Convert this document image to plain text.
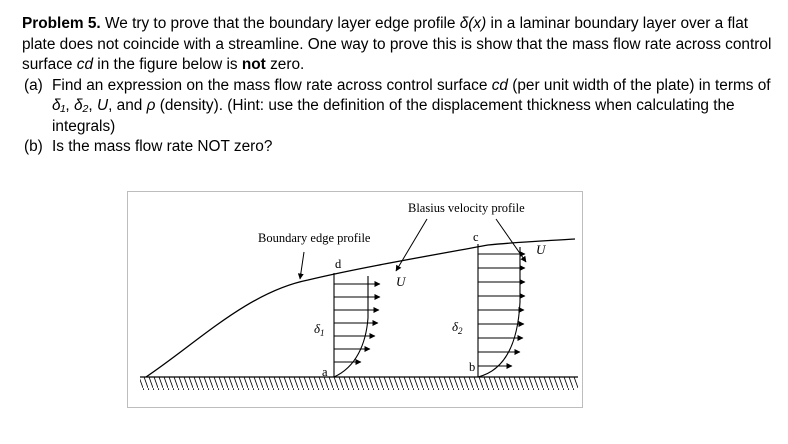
Problem 5. We try to prove that the boundary layer edge profile δ(x) in a laminar boundary layer over a flat plate does not coincide with a streamline. One way to prove this is show that the mass flow rate across control surface cd in the figure below is not zero.

(a) Find an expression on the mass flow rate across control surface cd (per unit width of the plate) in terms of δ₁, δ₂, U, and ρ (density). (Hint: use the definition of the displacement thickness when calculating the integrals)

(b) Is the mass flow rate NOT zero?

Blasius velocity profile
Boundary edge profile
a	b
c
d
$\delta_1$	$\delta_2$
U
U
